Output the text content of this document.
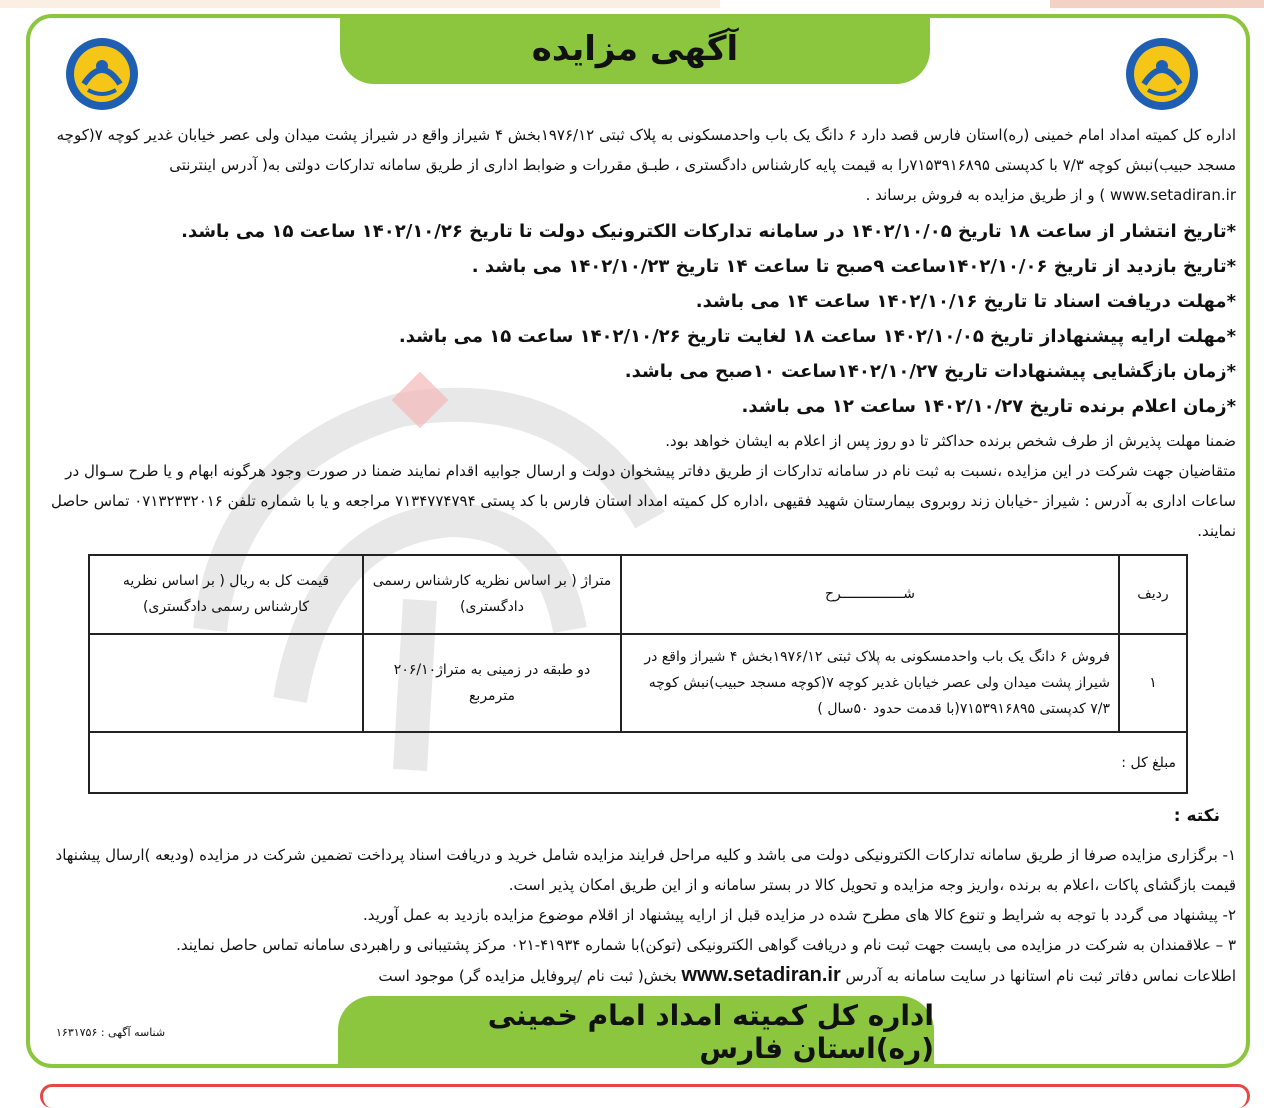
آگهی مزایده
اداره کل کمیته امداد امام خمینی (ره)استان فارس قصد دارد ۶ دانگ یک باب واحدمسکونی به پلاک ثبتی ۱۹۷۶/۱۲بخش ۴ شیراز واقع در شیراز پشت میدان ولی عصر خیابان غدیر کوچه ۷(کوچه مسجد حبیب)نبش کوچه ۷/۳ با کدپستی ۷۱۵۳۹۱۶۸۹۵را به قیمت پایه کارشناس دادگستری ، طبـق مقررات و ضوابط اداری از طریق سامانه تدارکات دولتی به( آدرس اینترنتی www.setadiran.ir ) و از طریق مزایده به فروش برساند .
*تاریخ انتشار از ساعت ۱۸ تاریخ ۱۴۰۲/۱۰/۰۵ در سامانه تدارکات الکترونیک دولت تا تاریخ ۱۴۰۲/۱۰/۲۶ ساعت ۱۵ می باشد.
*تاریخ بازدید از تاریخ ۱۴۰۲/۱۰/۰۶ساعت ۹صبح تا ساعت ۱۴ تاریخ ۱۴۰۲/۱۰/۲۳ می باشد .
*مهلت دریافت اسناد تا تاریخ ۱۴۰۲/۱۰/۱۶ ساعت ۱۴ می باشد.
*مهلت ارایه پیشنهاداز تاریخ ۱۴۰۲/۱۰/۰۵ ساعت ۱۸ لغایت تاریخ ۱۴۰۲/۱۰/۲۶ ساعت ۱۵ می باشد.
*زمان بازگشایی پیشنهادات تاریخ ۱۴۰۲/۱۰/۲۷ساعت ۱۰صبح می باشد.
*زمان اعلام برنده تاریخ ۱۴۰۲/۱۰/۲۷ ساعت ۱۲ می باشد.
ضمنا مهلت پذیرش از طرف شخص برنده حداکثر تا دو روز پس از اعلام به ایشان خواهد بود.
متقاضیان جهت شرکت در این مزایده ،نسبت به ثبت نام در سامانه تدارکات از طریق دفاتر پیشخوان دولت و ارسال جوابیه اقدام نمایند ضمنا در صورت وجود هرگونه ابهام و یا طرح سـوال در ساعات اداری به آدرس : شیراز -خیابان زند روبروی بیمارستان شهید فقیهی ،اداره کل کمیته امداد استان فارس با کد پستی ۷۱۳۴۷۷۴۷۹۴ مراجعه و یا با شماره تلفن ۰۷۱۳۲۳۳۲۰۱۶ تماس حاصل نمایند.
ردیف	شـــــــــــــــرح	متراژ ( بر اساس نظریه کارشناس رسمی دادگستری)	قیمت کل به ریال ( بر اساس نظریه کارشناس رسمی دادگستری)
۱	فروش ۶ دانگ یک باب واحدمسکونی به پلاک ثبتی ۱۹۷۶/۱۲بخش ۴ شیراز واقع در شیراز پشت میدان ولی عصر خیابان غدیر کوچه ۷(کوچه مسجد حبیب)نبش کوچه ۷/۳ کدپستی ۷۱۵۳۹۱۶۸۹۵(با قدمت حدود ۵۰سال )	دو طبقه در زمینی به متراژ۲۰۶/۱۰ مترمربع	
مبلغ کل :			
نکته :
۱- برگزاری مزایده صرفا از طریق سامانه تدارکات الکترونیکی دولت می باشد و کلیه مراحل فرایند مزایده شامل خرید و دریافت اسناد پرداخت تضمین شرکت در مزایده (ودیعه )ارسال پیشنهاد قیمت بازگشای پاکات ،اعلام به برنده ،واریز وجه مزایده و تحویل کالا در بستر سامانه و از این طریق امکان پذیر است.
۲- پیشنهاد می گردد با توجه به شرایط و تنوع کالا های مطرح شده در مزایده قبل از ارایه پیشنهاد از اقلام موضوع مزایده بازدید به عمل آورید.
۳ – علاقمندان به شرکت در مزایده می بایست جهت ثبت نام و دریافت گواهی الکترونیکی (توکن)با شماره ۴۱۹۳۴-۰۲۱ مرکز پشتیبانی و راهبردی سامانه تماس حاصل نمایند.
اطلاعات نماس دفاتر ثبت نام استانها در سایت سامانه به آدرس www.setadiran.ir بخش( ثبت نام /پروفایل مزایده گر) موجود است
شناسه آگهی : ۱۶۳۱۷۵۶
اداره کل کمیته امداد امام خمینی (ره)استان فارس
